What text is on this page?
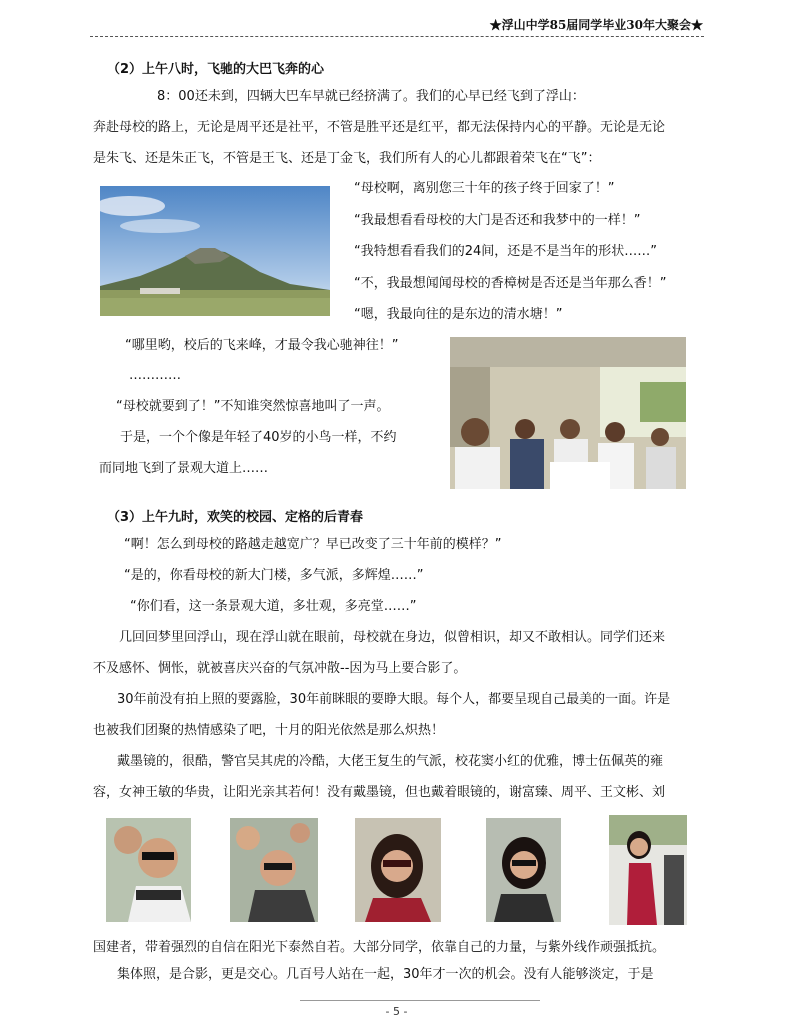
★浮山中学85届同学毕业30年大聚会★
（2）上午八时，飞驰的大巴飞奔的心
8：00还未到，四辆大巴车早就已经挤满了。我们的心早已经飞到了浮山：
奔赴母校的路上，无论是周平还是社平，不管是胜平还是红平，都无法保持内心的平静。无论是无论
是朱飞、还是朱正飞，不管是王飞、还是丁金飞，我们所有人的心儿都跟着荣飞在“飞”：
“母校啊，离别您三十年的孩子终于回家了！”
“我最想看看母校的大门是否还和我梦中的一样！”
“我特想看看我们的24间，还是不是当年的形状……”
“不，我最想闻闻母校的香樟树是否还是当年那么香！”
“嗯，我最向往的是东边的清水塘！”
“哪里哟，校后的飞来峰，才最令我心驰神往！”
…………
“母校就要到了！”不知谁突然惊喜地叫了一声。
于是，一个个像是年轻了40岁的小鸟一样，不约
而同地飞到了景观大道上……
（3）上午九时，欢笑的校园、定格的后青春
“啊！怎么到母校的路越走越宽广？早已改变了三十年前的模样？”
“是的，你看母校的新大门楼，多气派，多辉煌……”
“你们看，这一条景观大道，多壮观，多亮堂……”
几回回梦里回浮山，现在浮山就在眼前，母校就在身边，似曾相识，却又不敢相认。同学们还来
不及感怀、惆怅，就被喜庆兴奋的气氛冲散--因为马上要合影了。
30年前没有拍上照的要露脸，30年前眯眼的要睁大眼。每个人，都要呈现自己最美的一面。许是
也被我们团聚的热情感染了吧，十月的阳光依然是那么炽热！
戴墨镜的，很酷，警官吴其虎的冷酷，大佬王复生的气派，校花窦小红的优雅，博士伍佩英的雍
容，女神王敏的华贵，让阳光亲其若何！没有戴墨镜，但也戴着眼镜的，谢富臻、周平、王文彬、刘
国建者，带着强烈的自信在阳光下泰然自若。大部分同学，依靠自己的力量，与紫外线作顽强抵抗。
集体照，是合影，更是交心。几百号人站在一起，30年才一次的机会。没有人能够淡定，于是
- 5 -
